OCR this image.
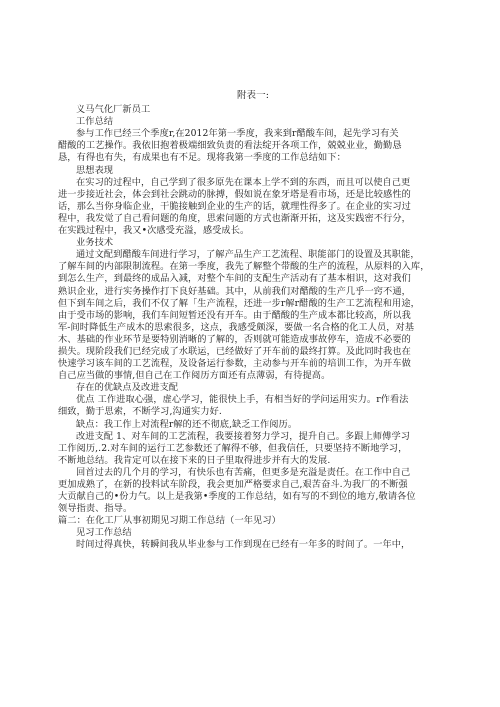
附表一:
义马气化厂新员工
工作总结
参与工作已经三个季度r,在2012年第一季度，我来到r醋酸车间，起先学习有关
醋酸的工艺操作。我依旧抱着极端细致负责的看法绽开各项工作，兢兢业业，勤勤恳
恳，有得也有失，有成果也有不足。现将我第一季度的工作总结如下：
思想表现
在实习的过程中，自己学到了很多原先在课本上学不到的东西，而且可以使自己更
进一步接近社会，体会到社会跳动的脉搏，假如说在象牙塔是看市场，还是比较感性的
话，那么当你身临企业，干脆接触到企业的生产的话，就理性得多了。在企业的实习过
程中，我发觉了自己看问题的角度，思索问题的方式也渐渐开拓，这及实践密不行分，
在实践过程中，我又•次感受充溢，感受成长。
业务技术
通过文配到醋酸车间进行学习，了解产品生产工艺流程、职能部门的设置及其职能，
了解车间的内部限制流程。在第一季度，我先了解整个带酸的生产的流程，从原料的入库，
到怎么生产，到最终的成品入减，对整个车间的支配生产活动有了基本相识，这对我们
熟识企业，进行实务操作打下良好基础。其中，从前我们对醋酸的生产几乎一窍不通，
但下到车间之后，我们不仅了解「生产流程，还进一步r解r醋酸的生产工艺流程和用途，
由于受市场的影响，我们车间短暂还没有开车。由于醋酸的生产成本都比较高，所以我
军-间时降低生产成木的思索很多，这点，我感受颇深，要做一名合格的化工人员，对基
木、基础的作业环节是要特别消晰的了解的，否则就可能造成事故停车，造成不必要的
损失。现阶段我们已经完成了水联运，已经做好了开车前的最终打算。及此同时我也在
快速学习该车间的工艺流程，及设备运行参数，主动参与开车前的培训工作，为开车做
自己应当做的事情,但自己在工作阅历方面还有点薄弱，有待提高。
存在的优缺点及改进支配
优点 工作进取心强，虚心学习，能很快上手，有相当好的学问运用实力。r作看法
细致，勤于思索，不断学习,沟通实力好.
缺点：我工作上对流程r解的还不彻底,缺乏工作阅历。
改进支配 1、对车间的工艺流程，我要接着努力学习，提升自己。多跟上师傅学习
工作阅历,.2.对车间的运行工艺参数还了解得不够，但我信任，只要坚持不断地学习，
不断地总结。我肯定可以在接下来的日子里取得进步并有大的发展.
回首过去的几个月的学习，有快乐也有苦痛，但更多是充溢是责任。在工作中自己
更加成熟了，在新的投料试车阶段，我会更加严格要求自己,艰苦奋斗.为我厂的不断强
大贡献自己的•份力气。以上是我第•季度的工作总结，如有写的不到位的地方,敬请各位
领导指责、指导。
篇二：在化工厂从事初期见习期工作总结（一年见习）
见习工作总结
时间过得真快，转瞬间我从毕业参与工作到现在已经有一年多的时间了。一年中，
